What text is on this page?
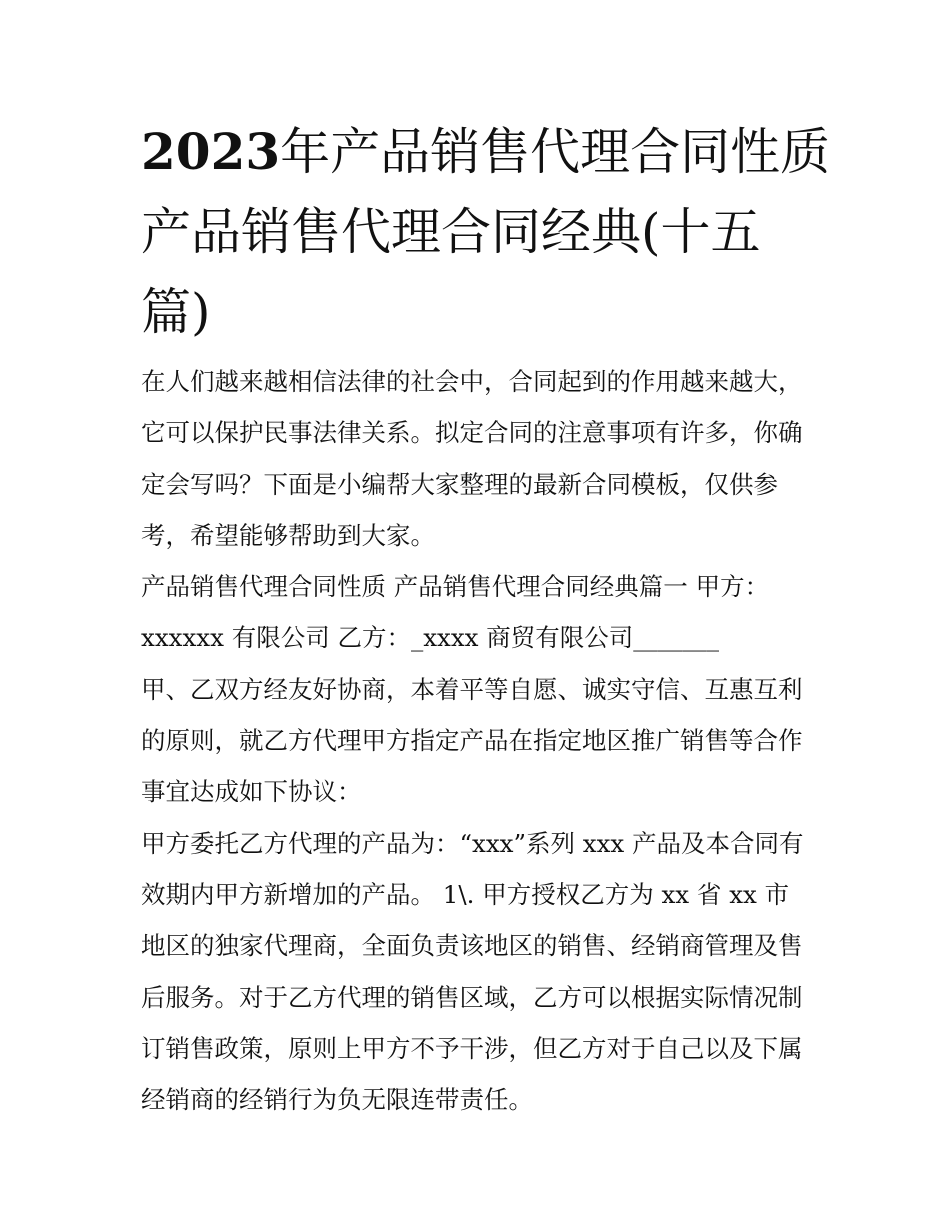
2023年产品销售代理合同性质
产品销售代理合同经典(十五
篇)
在人们越来越相信法律的社会中，合同起到的作用越来越大，
它可以保护民事法律关系。拟定合同的注意事项有许多，你确
定会写吗？下面是小编帮大家整理的最新合同模板，仅供参
考，希望能够帮助到大家。
产品销售代理合同性质 产品销售代理合同经典篇一 甲方：
xxxxxx 有限公司 乙方：_xxxx 商贸有限公司_______
甲、乙双方经友好协商，本着平等自愿、诚实守信、互惠互利
的原则，就乙方代理甲方指定产品在指定地区推广销售等合作
事宜达成如下协议：
甲方委托乙方代理的产品为：“xxx”系列 xxx 产品及本合同有
效期内甲方新增加的产品。 1\. 甲方授权乙方为 xx 省 xx 市
地区的独家代理商，全面负责该地区的销售、经销商管理及售
后服务。对于乙方代理的销售区域，乙方可以根据实际情况制
订销售政策，原则上甲方不予干涉，但乙方对于自己以及下属
经销商的经销行为负无限连带责任。
